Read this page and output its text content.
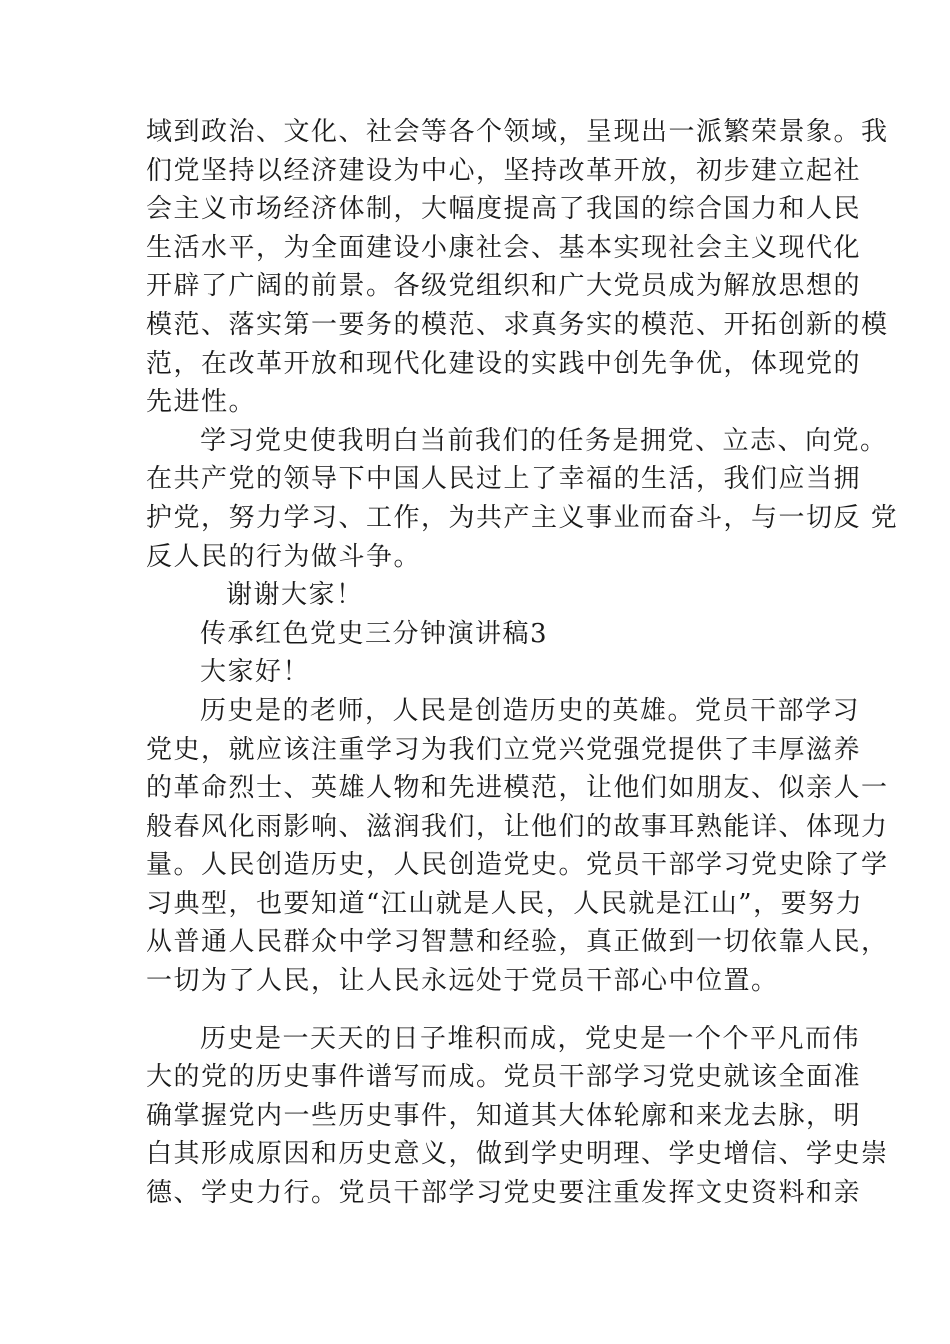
域到政治、文化、社会等各个领域，呈现出一派繁荣景象。我
们党坚持以经济建设为中心，坚持改革开放，初步建立起社
会主义市场经济体制，大幅度提高了我国的综合国力和人民
生活水平，为全面建设小康社会、基本实现社会主义现代化
开辟了广阔的前景。各级党组织和广大党员成为解放思想的
模范、落实第一要务的模范、求真务实的模范、开拓创新的模
范，在改革开放和现代化建设的实践中创先争优，体现党的
先进性。
学习党史使我明白当前我们的任务是拥党、立志、向党。
在共产党的领导下中国人民过上了幸福的生活，我们应当拥
护党，努力学习、工作，为共产主义事业而奋斗，与一切反 党
反人民的行为做斗争。
谢谢大家！
传承红色党史三分钟演讲稿3
大家好！
历史是的老师，人民是创造历史的英雄。党员干部学习
党史，就应该注重学习为我们立党兴党强党提供了丰厚滋养
的革命烈士、英雄人物和先进模范，让他们如朋友、似亲人一
般春风化雨影响、滋润我们，让他们的故事耳熟能详、体现力
量。人民创造历史，人民创造党史。党员干部学习党史除了学
习典型，也要知道“江山就是人民，人民就是江山”，要努力
从普通人民群众中学习智慧和经验，真正做到一切依靠人民，
一切为了人民，让人民永远处于党员干部心中位置。
历史是一天天的日子堆积而成，党史是一个个平凡而伟
大的党的历史事件谱写而成。党员干部学习党史就该全面准
确掌握党内一些历史事件，知道其大体轮廓和来龙去脉，明
白其形成原因和历史意义，做到学史明理、学史增信、学史崇
德、学史力行。党员干部学习党史要注重发挥文史资料和亲
